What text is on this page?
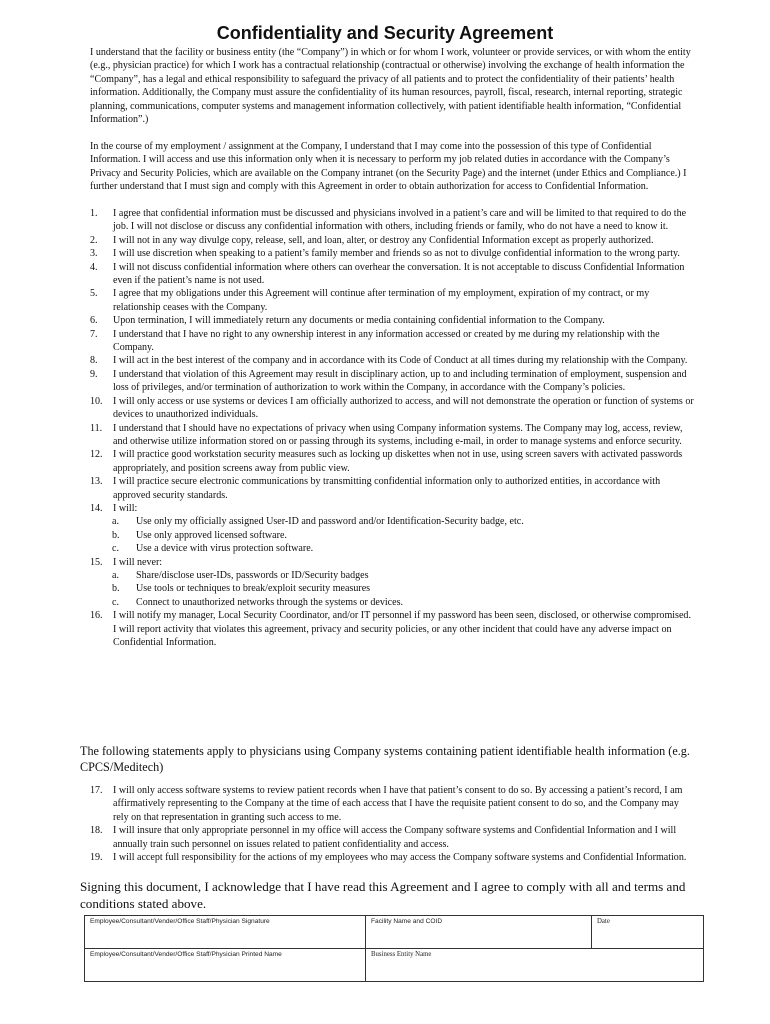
Confidentiality and Security Agreement
I understand that the facility or business entity (the “Company”) in which or for whom I work, volunteer or provide services, or with whom the entity (e.g., physician practice) for which I work has a contractual relationship (contractual or otherwise) involving the exchange of health information the “Company”, has a legal and ethical responsibility to safeguard the privacy of all patients and to protect the confidentiality of their patients’ health information. Additionally, the Company must assure the confidentiality of its human resources, payroll, fiscal, research, internal reporting, strategic planning, communications, computer systems and management information collectively, with patient identifiable health information, “Confidential Information”.)
In the course of my employment / assignment at the Company, I understand that I may come into the possession of this type of Confidential Information. I will access and use this information only when it is necessary to perform my job related duties in accordance with the Company’s Privacy and Security Policies, which are available on the Company intranet (on the Security Page) and the internet (under Ethics and Compliance.) I further understand that I must sign and comply with this Agreement in order to obtain authorization for access to Confidential Information.
1. I agree that confidential information must be discussed and physicians involved in a patient’s care and will be limited to that required to do the job. I will not disclose or discuss any confidential information with others, including friends or family, who do not have a need to know it.
2. I will not in any way divulge copy, release, sell, and loan, alter, or destroy any Confidential Information except as properly authorized.
3. I will use discretion when speaking to a patient’s family member and friends so as not to divulge confidential information to the wrong party.
4. I will not discuss confidential information where others can overhear the conversation. It is not acceptable to discuss Confidential Information even if the patient’s name is not used.
5. I agree that my obligations under this Agreement will continue after termination of my employment, expiration of my contract, or my relationship ceases with the Company.
6. Upon termination, I will immediately return any documents or media containing confidential information to the Company.
7. I understand that I have no right to any ownership interest in any information accessed or created by me during my relationship with the Company.
8. I will act in the best interest of the company and in accordance with its Code of Conduct at all times during my relationship with the Company.
9. I understand that violation of this Agreement may result in disciplinary action, up to and including termination of employment, suspension and loss of privileges, and/or termination of authorization to work within the Company, in accordance with the Company’s policies.
10. I will only access or use systems or devices I am officially authorized to access, and will not demonstrate the operation or function of systems or devices to unauthorized individuals.
11. I understand that I should have no expectations of privacy when using Company information systems. The Company may log, access, review, and otherwise utilize information stored on or passing through its systems, including e-mail, in order to manage systems and enforce security.
12. I will practice good workstation security measures such as locking up diskettes when not in use, using screen savers with activated passwords appropriately, and position screens away from public view.
13. I will practice secure electronic communications by transmitting confidential information only to authorized entities, in accordance with approved security standards.
14. I will:
a. Use only my officially assigned User-ID and password and/or Identification-Security badge, etc.
b. Use only approved licensed software.
c. Use a device with virus protection software.
15. I will never:
a. Share/disclose user-IDs, passwords or ID/Security badges
b. Use tools or techniques to break/exploit security measures
c. Connect to unauthorized networks through the systems or devices.
16. I will notify my manager, Local Security Coordinator, and/or IT personnel if my password has been seen, disclosed, or otherwise compromised. I will report activity that violates this agreement, privacy and security policies, or any other incident that could have any adverse impact on Confidential Information.
The following statements apply to physicians using Company systems containing patient identifiable health information (e.g. CPCS/Meditech)
17. I will only access software systems to review patient records when I have that patient’s consent to do so. By accessing a patient’s record, I am affirmatively representing to the Company at the time of each access that I have the requisite patient consent to do so, and the Company may rely on that representation in granting such access to me.
18. I will insure that only appropriate personnel in my office will access the Company software systems and Confidential Information and I will annually train such personnel on issues related to patient confidentiality and access.
19. I will accept full responsibility for the actions of my employees who may access the Company software systems and Confidential Information.
Signing this document, I acknowledge that I have read this Agreement and I agree to comply with all and terms and conditions stated above.
Employee/Consultant/Vender/Office Staff/Physician Signature	Facility Name and COID	Date
Employee/Consultant/Vender/Office Staff/Physician Printed Name	Business Entity Name	
